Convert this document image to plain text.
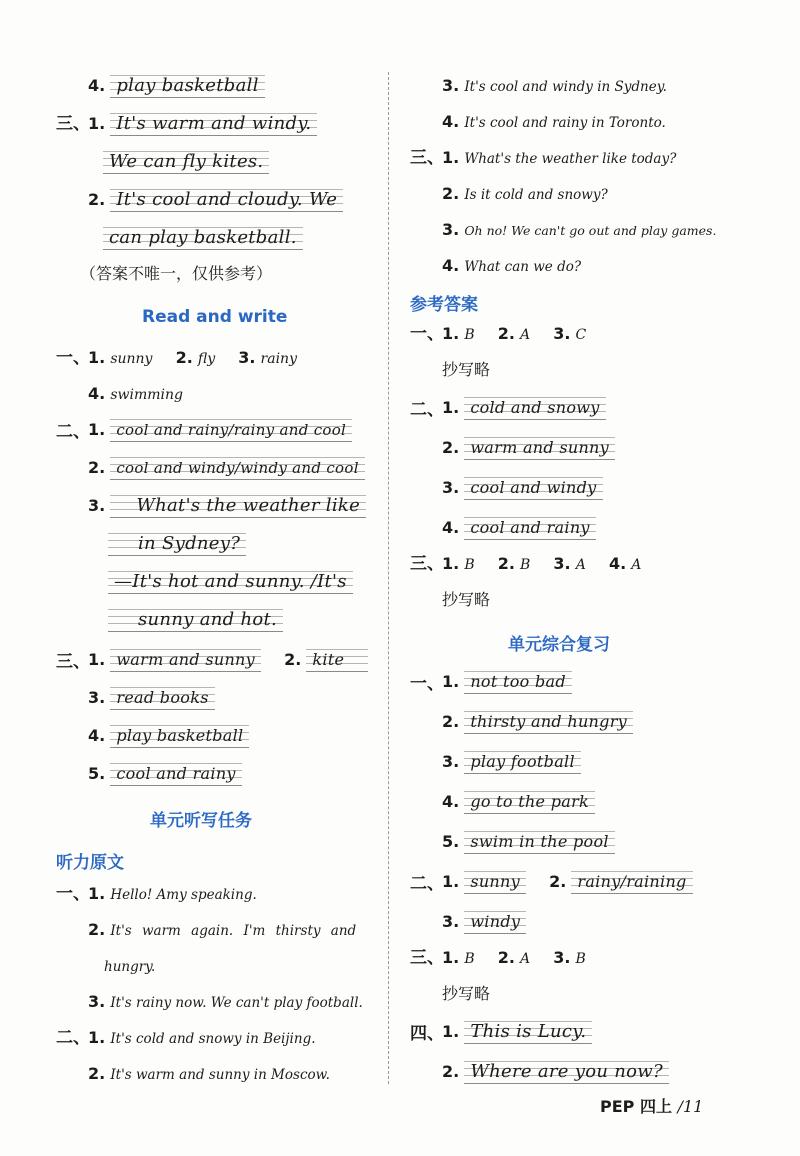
4. play basketball
三、
1. It's warm and windy.
We can fly kites.
2. It's cool and cloudy. We
can play basketball.
（答案不唯一，仅供参考）
Read and write
一、
1. sunny 2. fly 3. rainy
4. swimming
二、
1. cool and rainy/rainy and cool
2. cool and windy/windy and cool
3. What's the weather like
in Sydney?
—It's hot and sunny. /It's
sunny and hot.
三、
1. warm and sunny 2. kite
3. read books
4. play basketball
5. cool and rainy
单元听写任务
听力原文
一、
1. Hello! Amy speaking.
2. It's warm again. I'm thirsty and
hungry.
3. It's rainy now. We can't play football.
二、
1. It's cold and snowy in Beijing.
2. It's warm and sunny in Moscow.
3. It's cool and windy in Sydney.
4. It's cool and rainy in Toronto.
三、
1. What's the weather like today?
2. Is it cold and snowy?
3. Oh no! We can't go out and play games.
4. What can we do?
参考答案
一、
1. B 2. A 3. C
抄写略
二、
1. cold and snowy
2. warm and sunny
3. cool and windy
4. cool and rainy
三、
1. B 2. B 3. A 4. A
抄写略
单元综合复习
一、
1. not too bad
2. thirsty and hungry
3. play football
4. go to the park
5. swim in the pool
二、
1. sunny 2. rainy/raining
3. windy
三、
1. B 2. A 3. B
抄写略
四、
1. This is Lucy.
2. Where are you now?
PEP 四上 /11
